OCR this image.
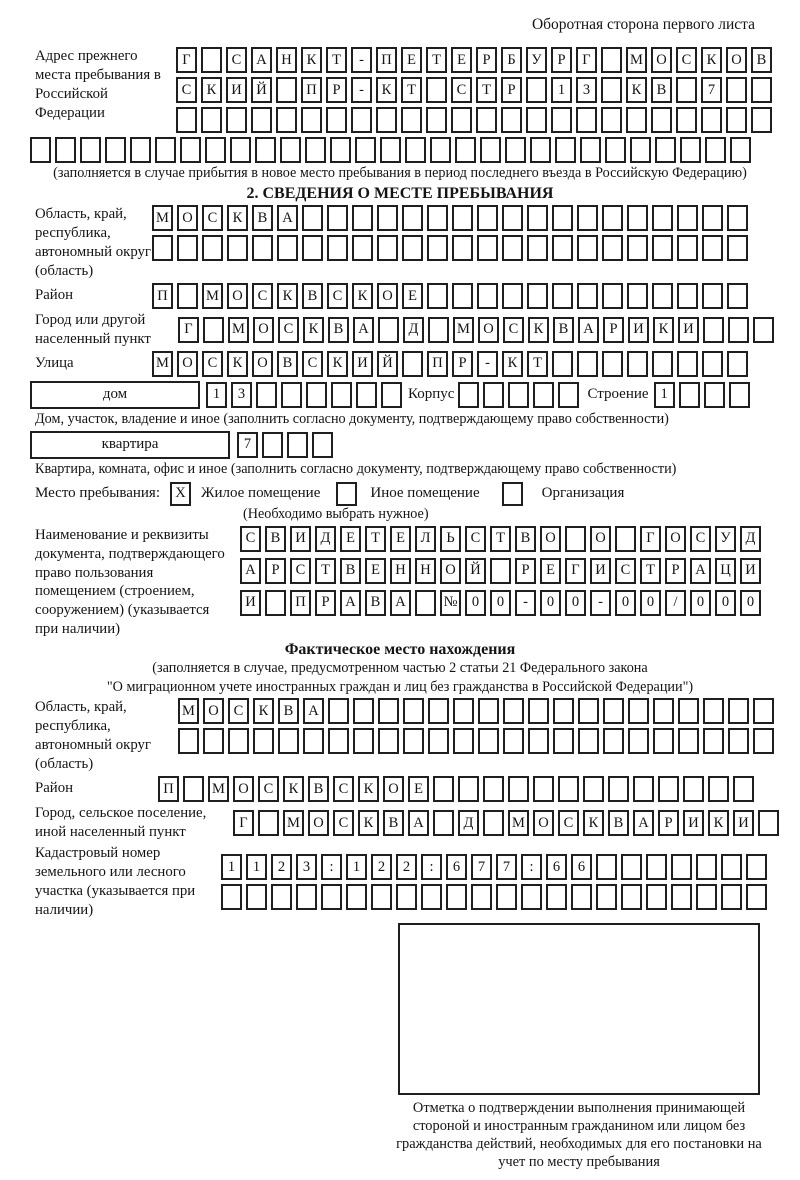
Оборотная сторона первого листа
Адрес прежнего места пребывания в Российской Федерации
Г	С	А	Н	К	Т	-	П	Е	Т	Е	Р	Б	У	Р	Г	М О	С	К	О	В
С	К	И	Й	П	Р	-	К	Т	С	Т	Р	1	3	К	В	7
(заполняется в случае прибытия в новое место пребывания в период последнего въезда в Российскую Федерацию)
2. СВЕДЕНИЯ О МЕСТЕ ПРЕБЫВАНИЯ
Область, край, республика, автономный округ (область)
М О	С	К	В	А
Район	П	М О	С	К	В	С	К	О	Е
Город или другой населенный пункт
Г	М О	С	К	В	А	Д	М О	С	К	В	А	Р	И	К	И
Улица	М О	С	К	О	В	С	К	И	Й	П	Р	-	К	Т
дом	1	3	Корпус	Строение 1
Дом, участок, владение и иное (заполнить согласно документу, подтверждающему право собственности)
квартира	7
Квартира, комната, офис и иное (заполнить согласно документу, подтверждающему право собственности)
Место пребывания:	X	Жилое помещение	Иное помещение	Организация
(Необходимо выбрать нужное)
Наименование и реквизиты документа, подтверждающего право пользования помещением (строением, сооружением) (указывается при наличии)
С	В	И	Д	Е	Т	Е	Л	Ь	С	Т	В	О	О	Г	О	С	У	Д
А	Р	С	Т	В	Е	Н	Н	О	Й	Р	Е	Г	И	С	Т	Р	А	Ц	И
И	П	Р	А	В	А	№ 0	0	-	0	0	-	0	0	/	0	0	0
Фактическое место нахождения
(заполняется в случае, предусмотренном частью 2 статьи 21 Федерального закона
"О миграционном учете иностранных граждан и лиц без гражданства в Российской Федерации")
Область, край, республика, автономный округ (область)
М О	С	К	В	А
Район	П	М О	С	К	В	С	К	О	Е
Город, сельское поселение, иной населенный пункт
Г	М О	С	К	В	А	Д	М О	С	К	В	А	Р	И	К	И
Кадастровый номер земельного или лесного участка (указывается при наличии)
1	1	2	3	:	1	2	2	:	6	7	7	:	6	6
Отметка о подтверждении выполнения принимающей стороной и иностранным гражданином или лицом без гражданства действий, необходимых для его постановки на учет по месту пребывания
